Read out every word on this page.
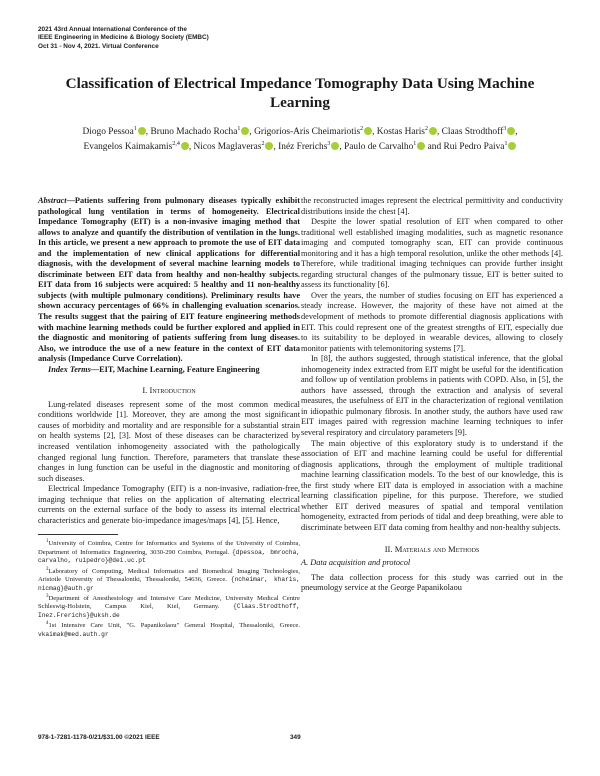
2021 43rd Annual International Conference of the
IEEE Engineering in Medicine & Biology Society (EMBC)
Oct 31 - Nov 4, 2021. Virtual Conference
Classification of Electrical Impedance Tomography Data Using Machine Learning
Diogo Pessoa$^1$ , Bruno Machado Rocha$^1$ , Grigorios-Aris Cheimariotis$^2$ , Kostas Haris$^2$ , Claas Strodthoff$^3$ , Evangelos Kaimakamis$^{2,4}$ , Nicos Maglaveras$^2$ , Inéz Frerichs$^3$ , Paulo de Carvalho$^1$ and Rui Pedro Paiva$^1$

Abstract—Patients suffering from pulmonary diseases typically exhibit pathological lung ventilation in terms of homogeneity. Electrical Impedance Tomography (EIT) is a non-invasive imaging method that allows to analyze and quantify the distribution of ventilation in the lungs. In this article, we present a new approach to promote the use of EIT data and the implementation of new clinical applications for differential diagnosis, with the development of several machine learning models to discriminate between EIT data from healthy and non-healthy subjects. EIT data from 16 subjects were acquired: 5 healthy and 11 non-healthy subjects (with multiple pulmonary conditions). Preliminary results have shown accuracy percentages of 66% in challenging evaluation scenarios. The results suggest that the pairing of EIT feature engineering methods with machine learning methods could be further explored and applied in the diagnostic and monitoring of patients suffering from lung diseases. Also, we introduce the use of a new feature in the context of EIT data analysis (Impedance Curve Correlation).

Index Terms—EIT, Machine Learning, Feature Engineering

I. Introduction

Lung-related diseases represent some of the most common medical conditions worldwide [1]. Moreover, they are among the most significant causes of morbidity and mortality and are responsible for a substantial strain on health systems [2], [3]. Most of these diseases can be characterized by increased ventilation inhomogeneity associated with the pathologically changed regional lung function. Therefore, parameters that translate these changes in lung function can be useful in the diagnostic and monitoring of such diseases.

Electrical Impedance Tomography (EIT) is a non-invasive, radiation-free, imaging technique that relies on the application of alternating electrical currents on the external surface of the body to assess its internal electrical characteristics and generate bio-impedance images/maps [4], [5]. Hence,

$^1$University of Coimbra, Centre for Informatics and Systems of the University of Coimbra, Department of Informatics Engineering, 3030-290 Coimbra, Portugal. {dpessoa, bmrocha, carvalho, ruipedro}@dei.uc.pt

$^2$Laboratory of Computing, Medical Informatics and Biomedical Imaging Technologies, Aristotle University of Thessaloniki, Thessaloniki, 54636, Greece. {ncheimar, kharis, nicmag}@auth.gr

$^3$Department of Anesthesiology and Intensive Care Medicine, University Medical Centre Schleswig-Holstein, Campus Kiel, Kiel, Germany. {Claas.Strodthoff, Inez.Frerichs}@uksh.de

$^4$1st Intensive Care Unit, "G. Papanikolaou" General Hospital, Thessaloniki, Greece. vkaimak@med.auth.gr

the reconstructed images represent the electrical permittivity and conductivity distributions inside the chest [4].

Despite the lower spatial resolution of EIT when compared to other traditional well established imaging modalities, such as magnetic resonance imaging and computed tomography scan, EIT can provide continuous monitoring and it has a high temporal resolution, unlike the other methods [4]. Therefore, while traditional imaging techniques can provide further insight regarding structural changes of the pulmonary tissue, EIT is better suited to assess its functionality [6].

Over the years, the number of studies focusing on EIT has experienced a steady increase. However, the majority of these have not aimed at the development of methods to promote differential diagnosis applications with EIT. This could represent one of the greatest strengths of EIT, especially due to its suitability to be deployed in wearable devices, allowing to closely monitor patients with telemonitoring systems [7].

In [8], the authors suggested, through statistical inference, that the global inhomogeneity index extracted from EIT might be useful for the identification and follow up of ventilation problems in patients with COPD. Also, in [5], the authors have assessed, through the extraction and analysis of several measures, the usefulness of EIT in the characterization of regional ventilation in idiopathic pulmonary fibrosis. In another study, the authors have used raw EIT images paired with regression machine learning techniques to infer several respiratory and circulatory parameters [9].

The main objective of this exploratory study is to understand if the association of EIT and machine learning could be useful for differential diagnosis applications, through the employment of multiple traditional machine learning classification models. To the best of our knowledge, this is the first study where EIT data is employed in association with a machine learning classification pipeline, for this purpose. Therefore, we studied whether EIT derived measures of spatial and temporal ventilation homogeneity, extracted from periods of tidal and deep breathing, were able to discriminate between EIT data coming from healthy and non-healthy subjects.

II. Materials and Methods

A. Data acquisition and protocol

The data collection process for this study was carried out in the pneumology service at the George Papanikolaou

978-1-7281-1178-0/21/$31.00 ©2021 IEEE	349
